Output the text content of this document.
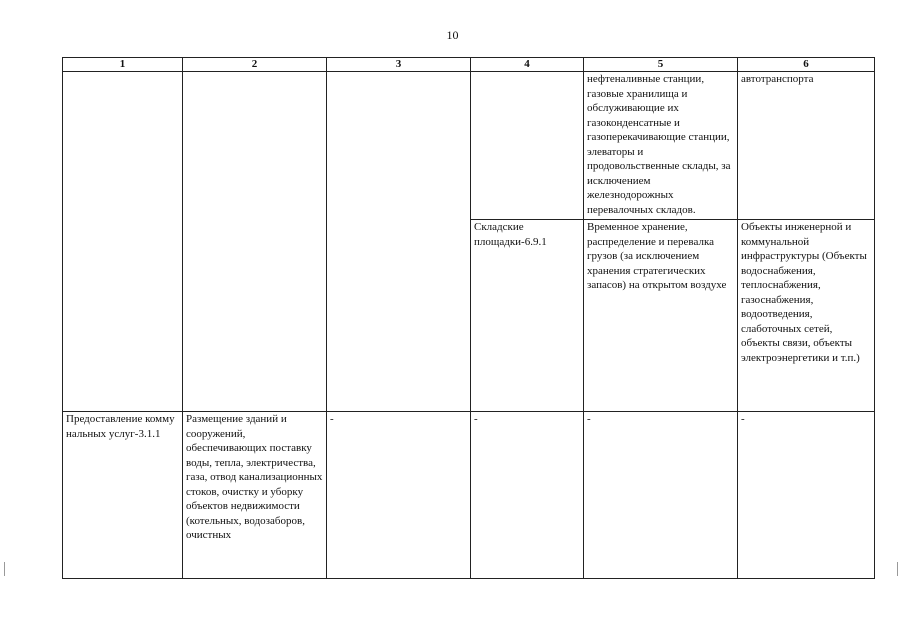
10
1	2	3	4	5	6
				нефтеналивные станции, газовые хранилища и обслуживающие их газоконденсатные и газоперекачивающие станции, элеваторы и продовольственные склады, за исключением железнодорожных перевалочных складов.	автотранспорта
			Складские площадки-6.9.1	Временное хранение, распределение и перевалка грузов (за исключением хранения стратегических запасов) на открытом воздухе	Объекты инженерной и коммунальной инфраструктуры (Объекты водоснабжения, теплоснабжения, газоснабжения, водоотведения, слаботочных сетей, объекты связи, объекты электроэнергетики и т.п.)
Предоставление комму нальных услуг-3.1.1	Размещение зданий и сооружений, обеспечивающих поставку воды, тепла, электричества, газа, отвод канализационных стоков, очистку и уборку объектов недвижимости (котельных, водозаборов, очистных	-	-	-	-
